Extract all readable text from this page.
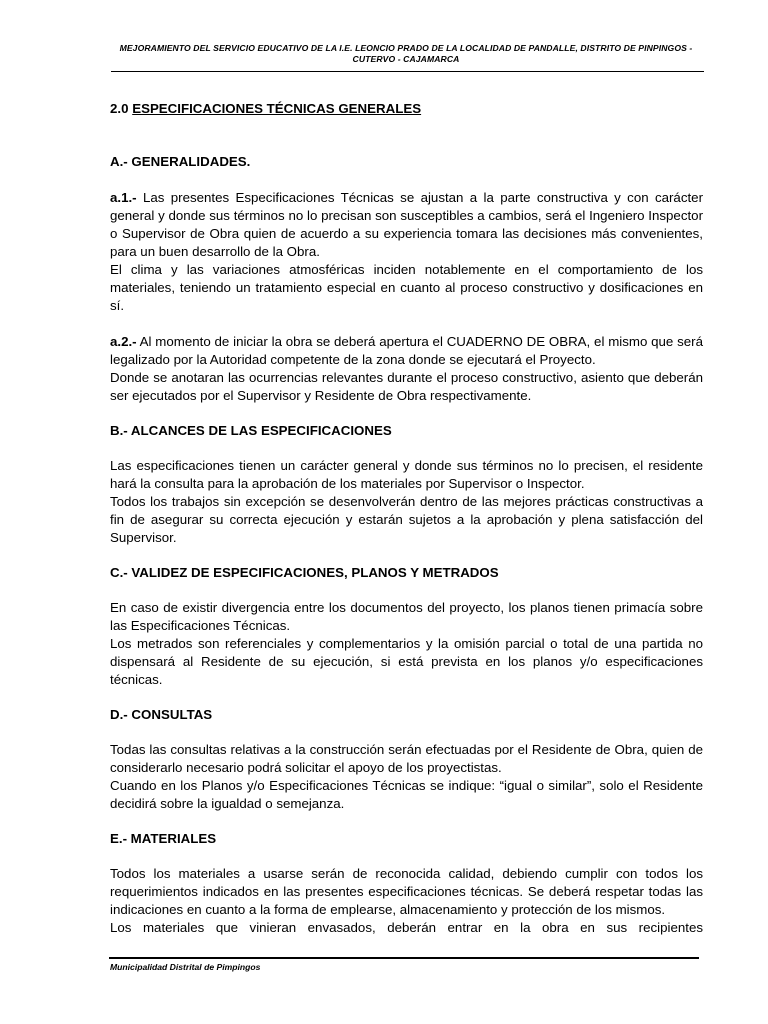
MEJORAMIENTO DEL SERVICIO EDUCATIVO DE LA I.E. LEONCIO PRADO DE LA LOCALIDAD DE PANDALLE, DISTRITO DE PINPINGOS - CUTERVO - CAJAMARCA
2.0 ESPECIFICACIONES TÉCNICAS GENERALES
A.- GENERALIDADES.

a.1.- Las presentes Especificaciones Técnicas se ajustan a la parte constructiva y con carácter general y donde sus términos no lo precisan son susceptibles a cambios, será el Ingeniero Inspector o Supervisor de Obra quien de acuerdo a su experiencia tomara las decisiones más convenientes, para un buen desarrollo de la Obra.

El clima y las variaciones atmosféricas inciden notablemente en el comportamiento de los materiales, teniendo un tratamiento especial en cuanto al proceso constructivo y dosificaciones en sí.

a.2.- Al momento de iniciar la obra se deberá apertura el CUADERNO DE OBRA, el mismo que será legalizado por la Autoridad competente de la zona donde se ejecutará el Proyecto.

Donde se anotaran las ocurrencias relevantes durante el proceso constructivo, asiento que deberán ser ejecutados por el Supervisor y Residente de Obra respectivamente.

B.- ALCANCES DE LAS ESPECIFICACIONES

Las especificaciones tienen un carácter general y donde sus términos no lo precisen, el residente hará la consulta para la aprobación de los materiales por Supervisor o Inspector.

Todos los trabajos sin excepción se desenvolverán dentro de las mejores prácticas constructivas a fin de asegurar su correcta ejecución y estarán sujetos a la aprobación y plena satisfacción del Supervisor.

C.- VALIDEZ DE ESPECIFICACIONES, PLANOS Y METRADOS

En caso de existir divergencia entre los documentos del proyecto, los planos tienen primacía sobre las Especificaciones Técnicas.

Los metrados son referenciales y complementarios y la omisión parcial o total de una partida no dispensará al Residente de su ejecución, si está prevista en los planos y/o especificaciones técnicas.

D.- CONSULTAS

Todas las consultas relativas a la construcción serán efectuadas por el Residente de Obra, quien de considerarlo necesario podrá solicitar el apoyo de los proyectistas.

Cuando en los Planos y/o Especificaciones Técnicas se indique: “igual o similar”, solo el Residente decidirá sobre la igualdad o semejanza.

E.- MATERIALES

Todos los materiales a usarse serán de reconocida calidad, debiendo cumplir con todos los requerimientos indicados en las presentes especificaciones técnicas. Se deberá respetar todas las indicaciones en cuanto a la forma de emplearse, almacenamiento y protección de los mismos.

Los materiales que vinieran envasados, deberán entrar en la obra en sus recipientes

Municipalidad Distrital de Pimpingos
